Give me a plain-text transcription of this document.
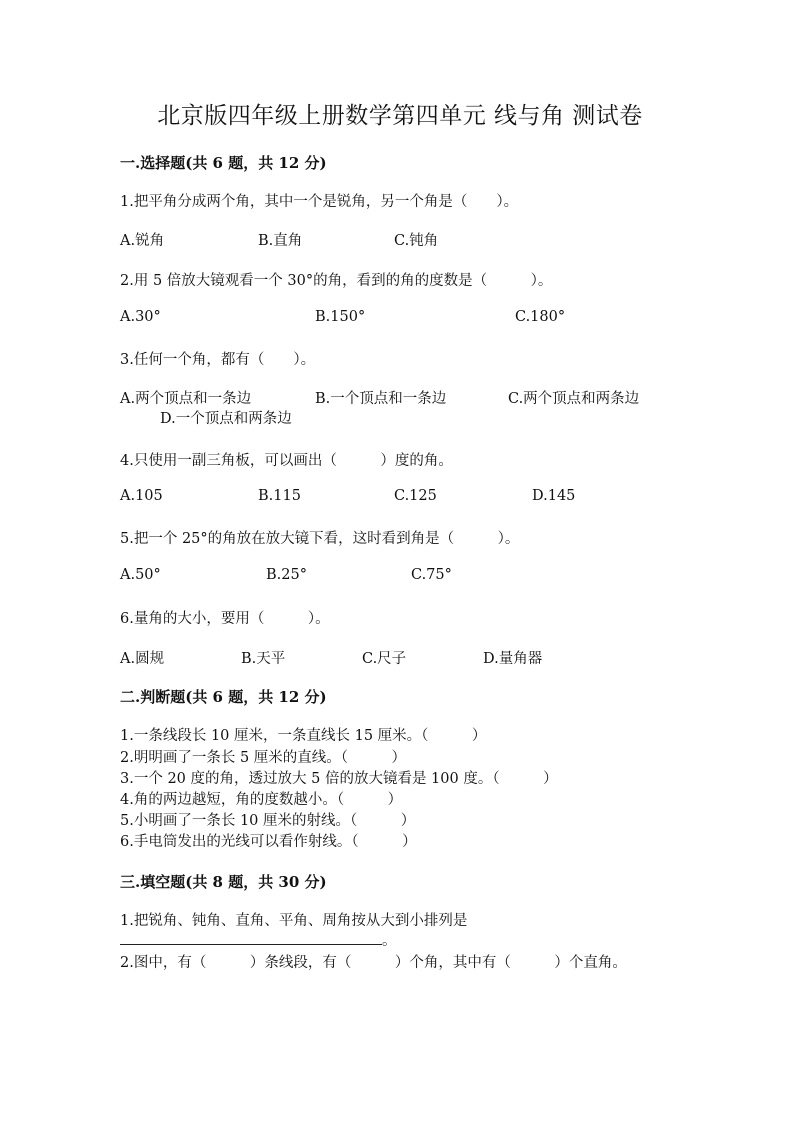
北京版四年级上册数学第四单元 线与角 测试卷
一.选择题(共 6 题，共 12 分)
1.把平角分成两个角，其中一个是锐角，另一个角是（　　）。
A.锐角	B.直角	C.钝角
2.用 5 倍放大镜观看一个 30°的角，看到的角的度数是（　　　）。
A.30°	B.150°	C.180°
3.任何一个角，都有（　　）。
A.两个顶点和一条边	B.一个顶点和一条边	C.两个顶点和两条边
D.一个顶点和两条边
4.只使用一副三角板，可以画出（　　　）度的角。
A.105	B.115	C.125	D.145
5.把一个 25°的角放在放大镜下看，这时看到角是（　　　）。
A.50°	B.25°	C.75°
6.量角的大小，要用（　　　）。
A.圆规	B.天平	C.尺子	D.量角器
二.判断题(共 6 题，共 12 分)
1.一条线段长 10 厘米，一条直线长 15 厘米。（　　　）
2.明明画了一条长 5 厘米的直线。（　　　）
3.一个 20 度的角，透过放大 5 倍的放大镜看是 100 度。（　　　）
4.角的两边越短，角的度数越小。（　　　）
5.小明画了一条长 10 厘米的射线。（　　　）
6.手电筒发出的光线可以看作射线。（　　　）
三.填空题(共 8 题，共 30 分)
1.把锐角、钝角、直角、平角、周角按从大到小排列是
。
2.图中，有（　　　）条线段，有（　　　）个角，其中有（　　　）个直角。
